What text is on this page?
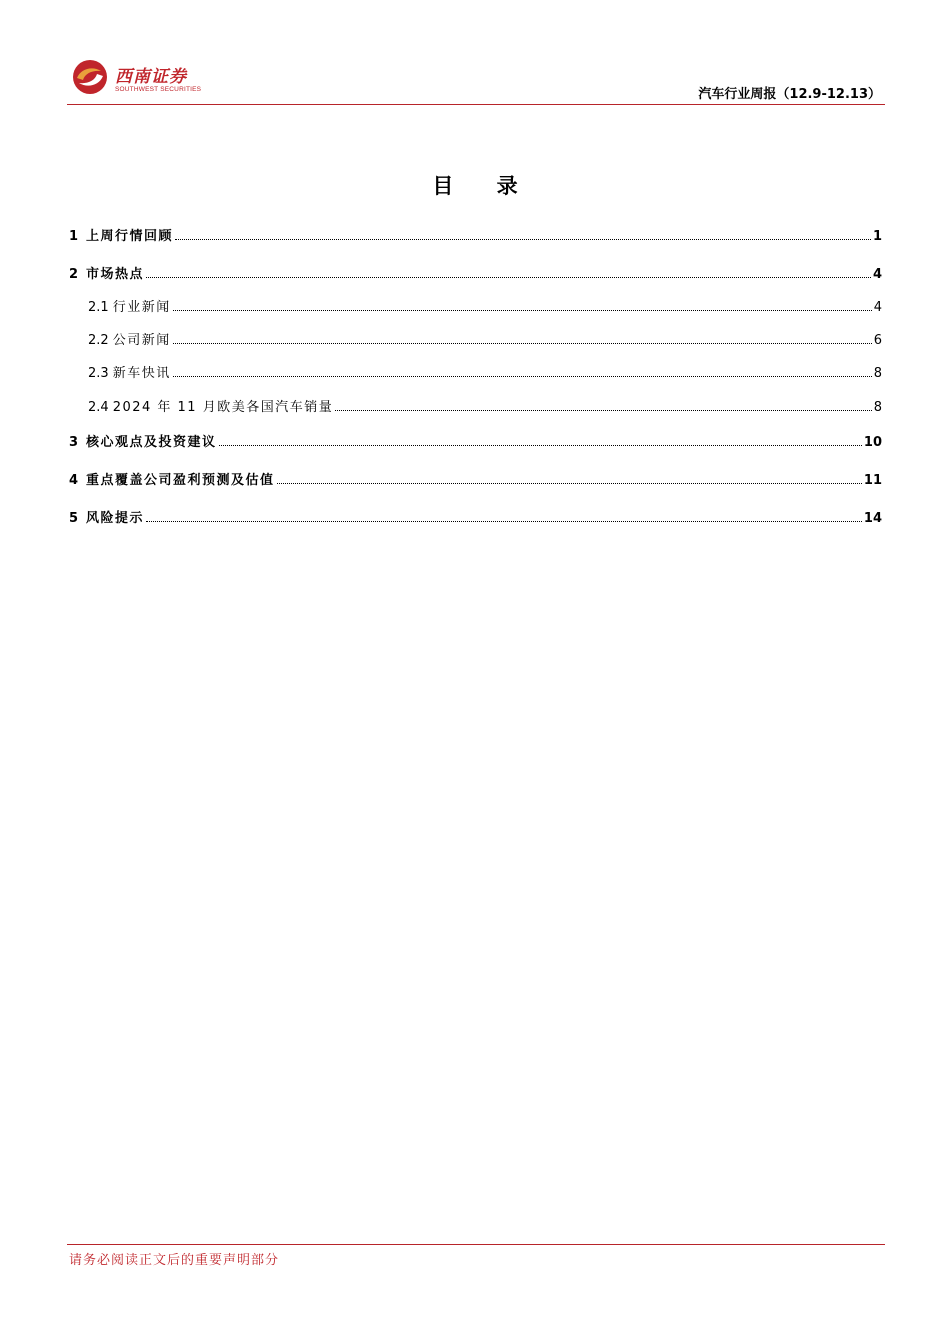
西南证券
SOUTHWEST SECURITIES	汽车行业周报（12.9-12.13）
目 录
1 上周行情回顾	1
2 市场热点	4
2.1 行业新闻	4
2.2 公司新闻	6
2.3 新车快讯	8
2.4 2024 年 11 月欧美各国汽车销量	8
3 核心观点及投资建议	10
4 重点覆盖公司盈利预测及估值	11
5 风险提示	14
请务必阅读正文后的重要声明部分
